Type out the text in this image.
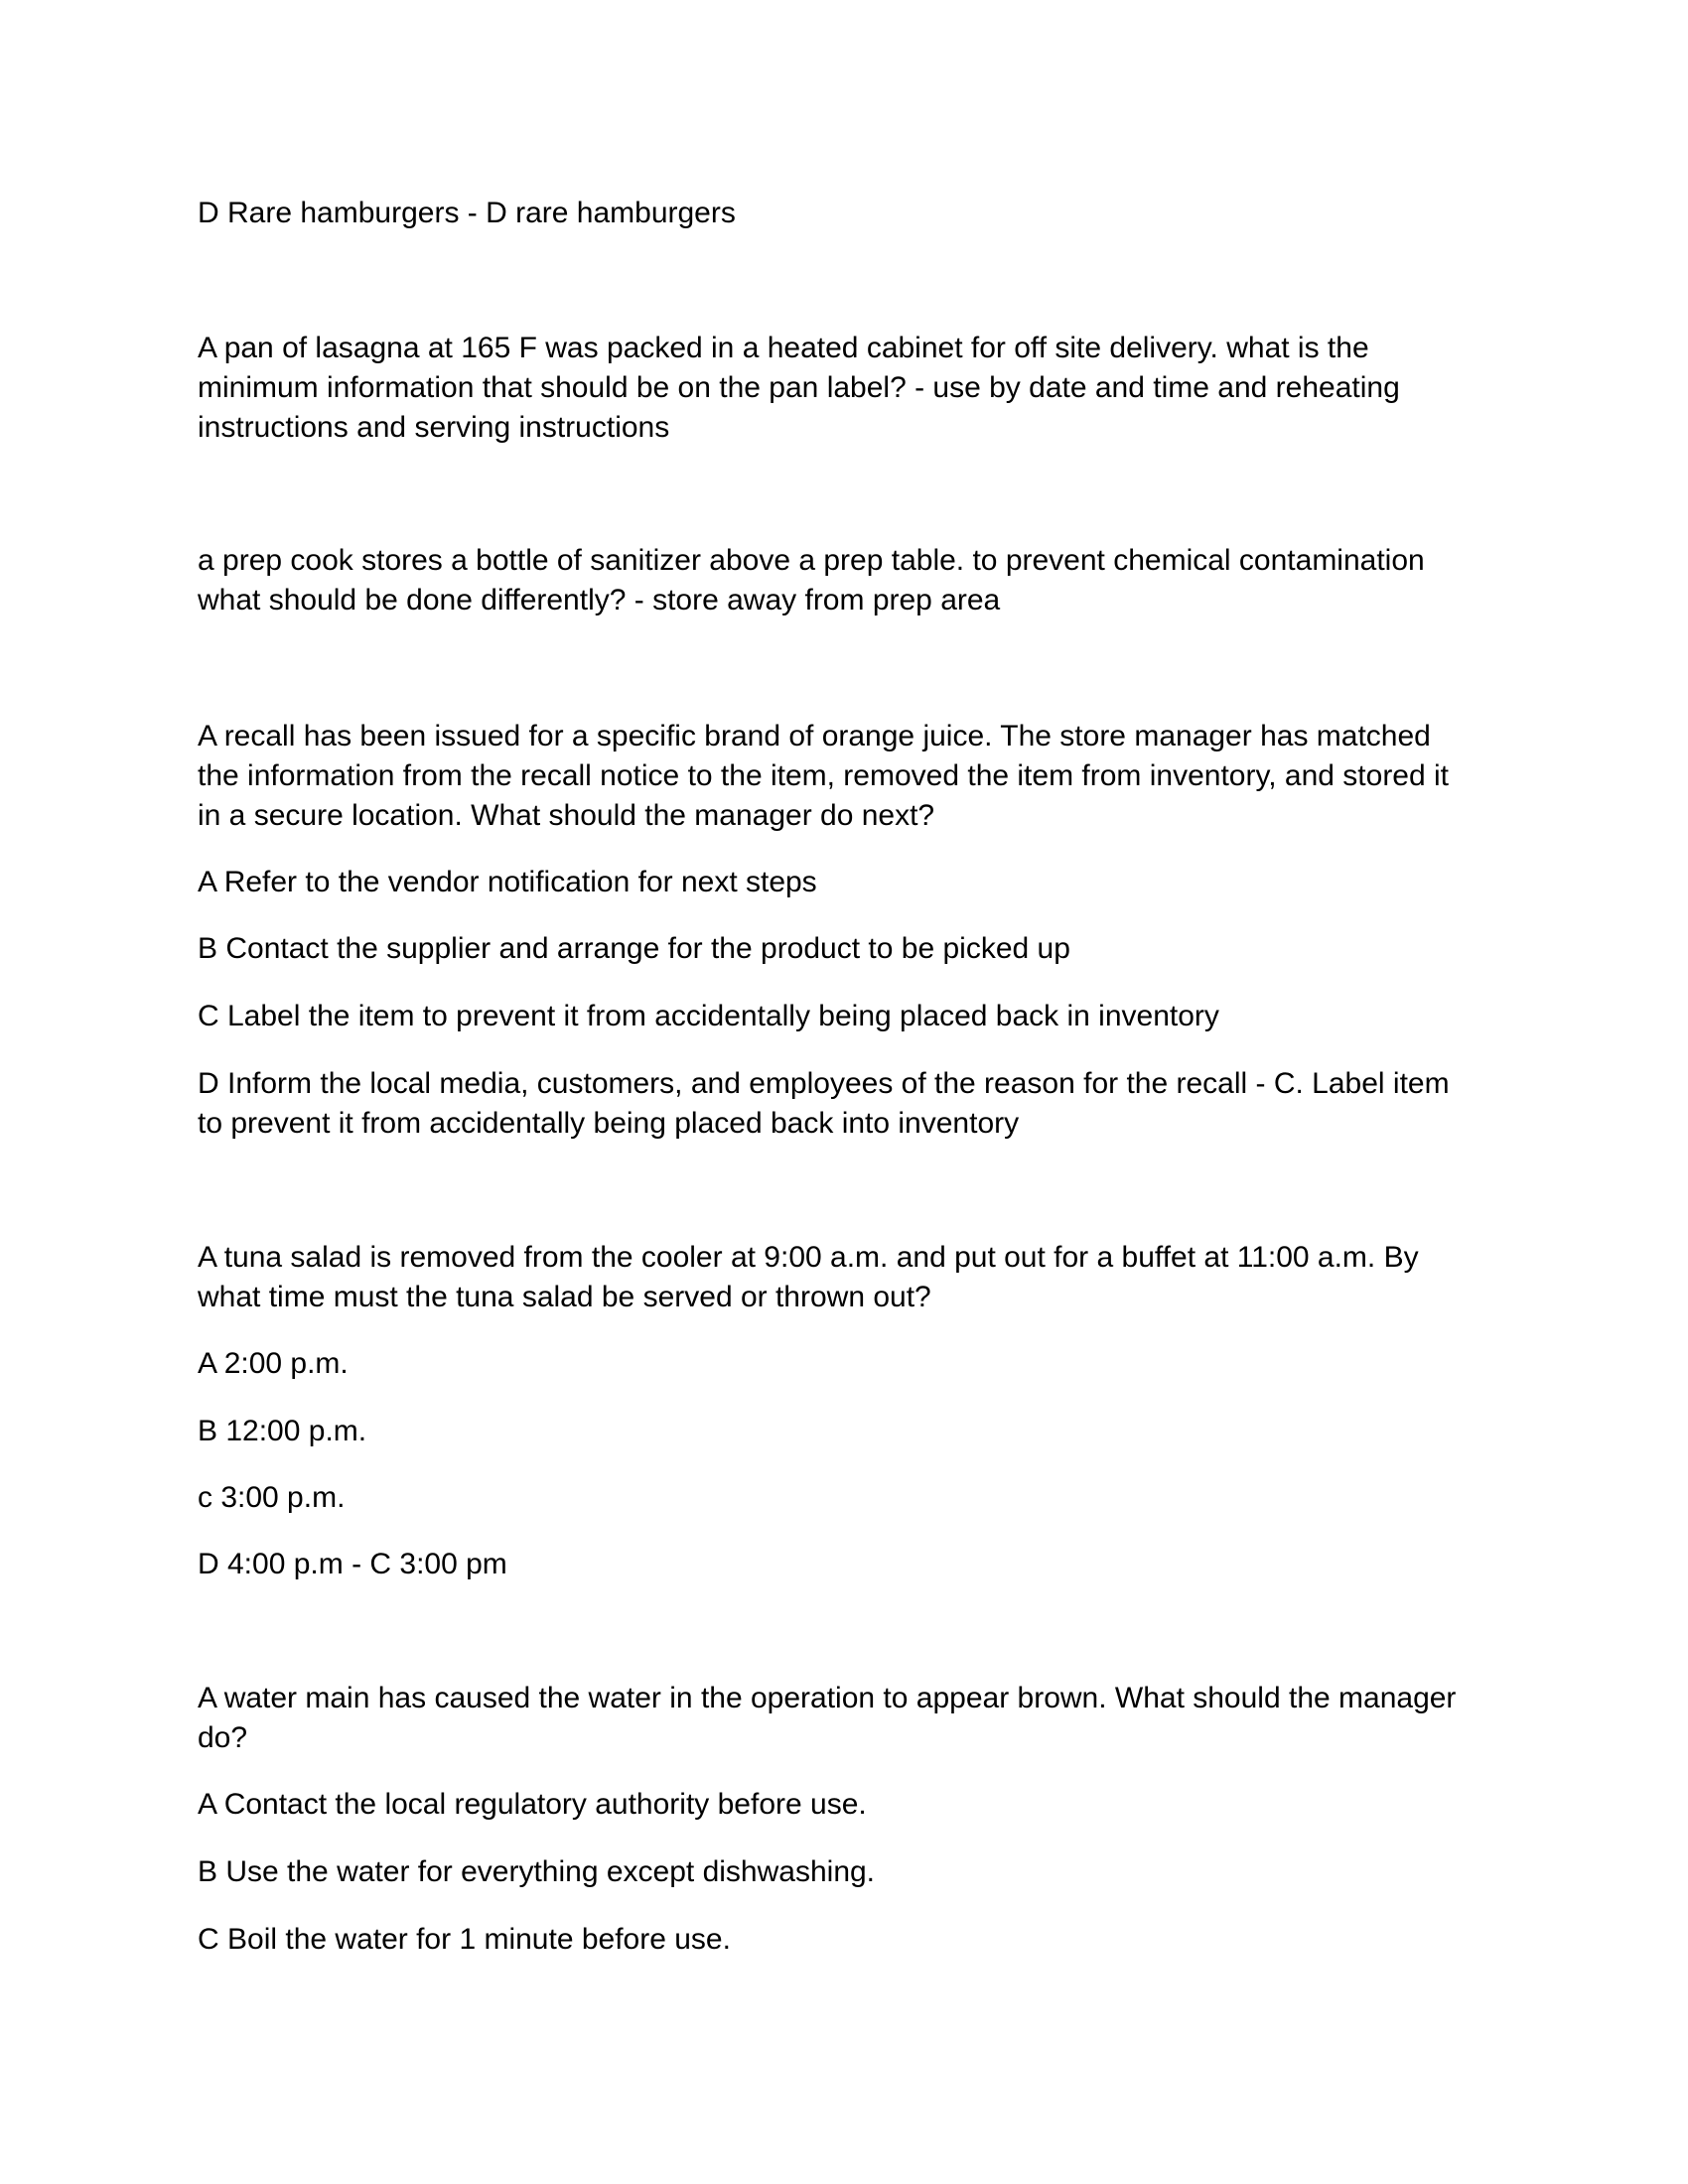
D Rare hamburgers - D rare hamburgers
A pan of lasagna at 165 F was packed in a heated cabinet for off site delivery. what is the
minimum information that should be on the pan label? - use by date and time and reheating
instructions and serving instructions
a prep cook stores a bottle of sanitizer above a prep table. to prevent chemical contamination
what should be done differently? - store away from prep area
A recall has been issued for a specific brand of orange juice. The store manager has matched
the information from the recall notice to the item, removed the item from inventory, and stored it
in a secure location. What should the manager do next?
A Refer to the vendor notification for next steps
B Contact the supplier and arrange for the product to be picked up
C Label the item to prevent it from accidentally being placed back in inventory
D Inform the local media, customers, and employees of the reason for the recall - C. Label item
to prevent it from accidentally being placed back into inventory
A tuna salad is removed from the cooler at 9:00 a.m. and put out for a buffet at 11:00 a.m. By
what time must the tuna salad be served or thrown out?
A 2:00 p.m.
B 12:00 p.m.
c 3:00 p.m.
D 4:00 p.m - C 3:00 pm
A water main has caused the water in the operation to appear brown. What should the manager
do?
A Contact the local regulatory authority before use.
B Use the water for everything except dishwashing.
C Boil the water for 1 minute before use.
